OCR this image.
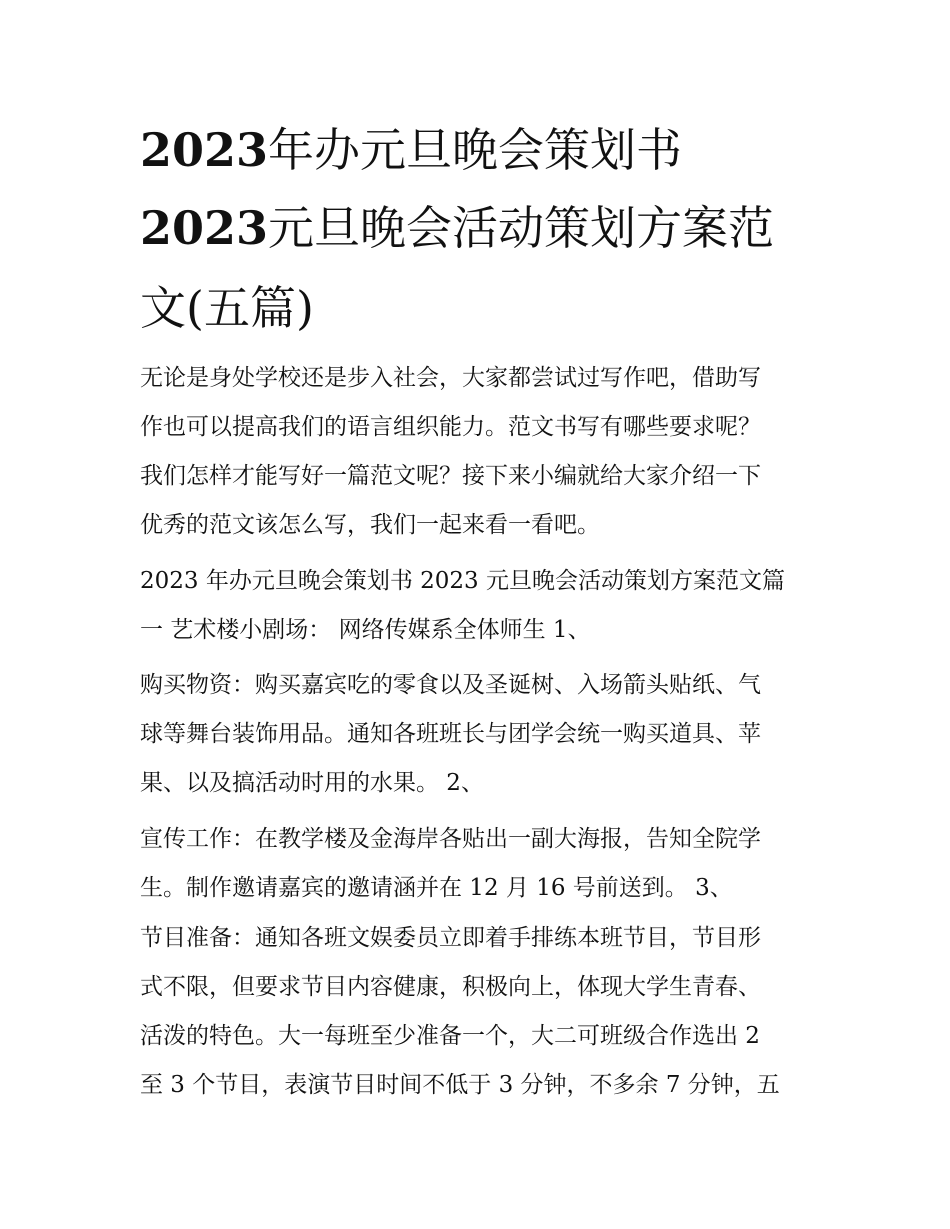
2023年办元旦晚会策划书
2023元旦晚会活动策划方案范
文(五篇)

无论是身处学校还是步入社会，大家都尝试过写作吧，借助写

作也可以提高我们的语言组织能力。范文书写有哪些要求呢？

我们怎样才能写好一篇范文呢？接下来小编就给大家介绍一下

优秀的范文该怎么写，我们一起来看一看吧。

2023 年办元旦晚会策划书 2023 元旦晚会活动策划方案范文篇

一 艺术楼小剧场： 网络传媒系全体师生 1、

购买物资：购买嘉宾吃的零食以及圣诞树、入场箭头贴纸、气

球等舞台装饰用品。通知各班班长与团学会统一购买道具、苹

果、以及搞活动时用的水果。 2、

宣传工作：在教学楼及金海岸各贴出一副大海报，告知全院学

生。制作邀请嘉宾的邀请涵并在 12 月 16 号前送到。 3、

节目准备：通知各班文娱委员立即着手排练本班节目，节目形

式不限，但要求节目内容健康，积极向上，体现大学生青春、

活泼的特色。大一每班至少准备一个，大二可班级合作选出 2

至 3 个节目，表演节目时间不低于 3 分钟，不多余 7 分钟，五
